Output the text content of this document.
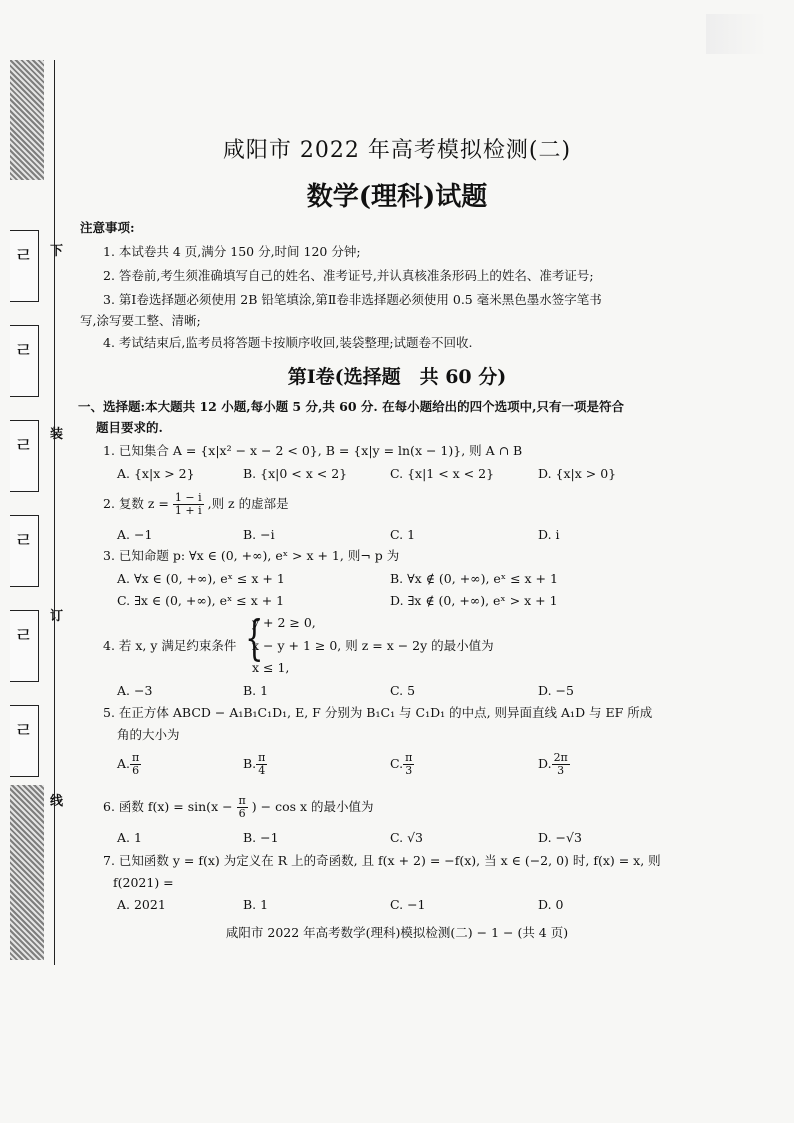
ㄹ
ㄹ
ㄹ
ㄹ
ㄹ
ㄹ
下
装
订
线
咸阳市 2022 年高考模拟检测(二)
数学(理科)试题
注意事项:
1. 本试卷共 4 页,满分 150 分,时间 120 分钟;
2. 答卷前,考生须准确填写自己的姓名、准考证号,并认真核准条形码上的姓名、准考证号;
3. 第Ⅰ卷选择题必须使用 2B 铅笔填涂,第Ⅱ卷非选择题必须使用 0.5 毫米黑色墨水签字笔书
写,涂写要工整、清晰;
4. 考试结束后,监考员将答题卡按顺序收回,装袋整理;试题卷不回收.
第Ⅰ卷(选择题　共 60 分)
一、选择题:本大题共 12 小题,每小题 5 分,共 60 分. 在每小题给出的四个选项中,只有一项是符合
题目要求的.
1. 已知集合 A = {x|x² − x − 2 < 0}, B = {x|y = ln(x − 1)}, 则 A ∩ B
A. {x|x > 2}	B. {x|0 < x < 2}	C. {x|1 < x < 2}	D. {x|x > 0}
2. 复数 $z = \frac{1 - i}{1 + i}$ ,则 z 的虚部是
A. −1	B. −i	C. 1	D. i
3. 已知命题 p: ∀x ∈ (0, +∞), eˣ > x + 1, 则¬ p 为
A. ∀x ∈ (0, +∞), eˣ ≤ x + 1	B. ∀x ∉ (0, +∞), eˣ ≤ x + 1
C. ∃x ∈ (0, +∞), eˣ ≤ x + 1	D. ∃x ∉ (0, +∞), eˣ > x + 1
4. 若 x, y 满足约束条件 {
y + 2 ≥ 0,
x − y + 1 ≥ 0, 则 z = x − 2y 的最小值为
x ≤ 1,
A. −3	B. 1	C. 5	D. −5
5. 在正方体 ABCD − A₁B₁C₁D₁, E, F 分别为 B₁C₁ 与 C₁D₁ 的中点, 则异面直线 A₁D 与 EF 所成
角的大小为
A. $\frac{\pi}{6}$	B. $\frac{\pi}{4}$	C. $\frac{\pi}{3}$	D. $\frac{2\pi}{3}$
6. 函数 $f(x) = \sin(x - \frac{\pi}{6}$ ) − cos x 的最小值为
A. 1	B. −1	C. √3	D. −√3
7. 已知函数 y = f(x) 为定义在 R 上的奇函数, 且 f(x + 2) = −f(x), 当 x ∈ (−2, 0) 时, f(x) = x, 则
f(2021) =
A. 2021	B. 1	C. −1	D. 0
咸阳市 2022 年高考数学(理科)模拟检测(二) − 1 − (共 4 页)
